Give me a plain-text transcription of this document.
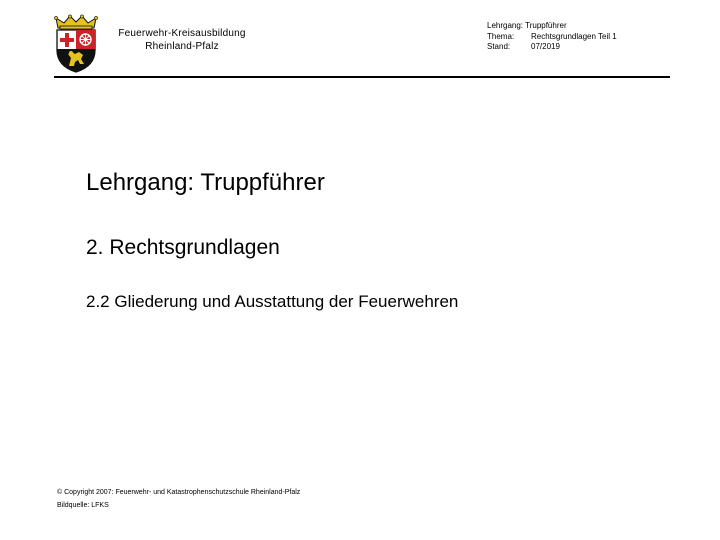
Feuerwehr-Kreisausbildung
Rheinland-Pfalz
Lehrgang: Truppführer
Thema:	Rechtsgrundlagen Teil 1
Stand:	07/2019
Lehrgang: Truppführer
2. Rechtsgrundlagen
2.2 Gliederung und Ausstattung der Feuerwehren
© Copyright 2007: Feuerwehr- und Katastrophenschutzschule Rheinland-Pfalz
Bildquelle: LFKS
